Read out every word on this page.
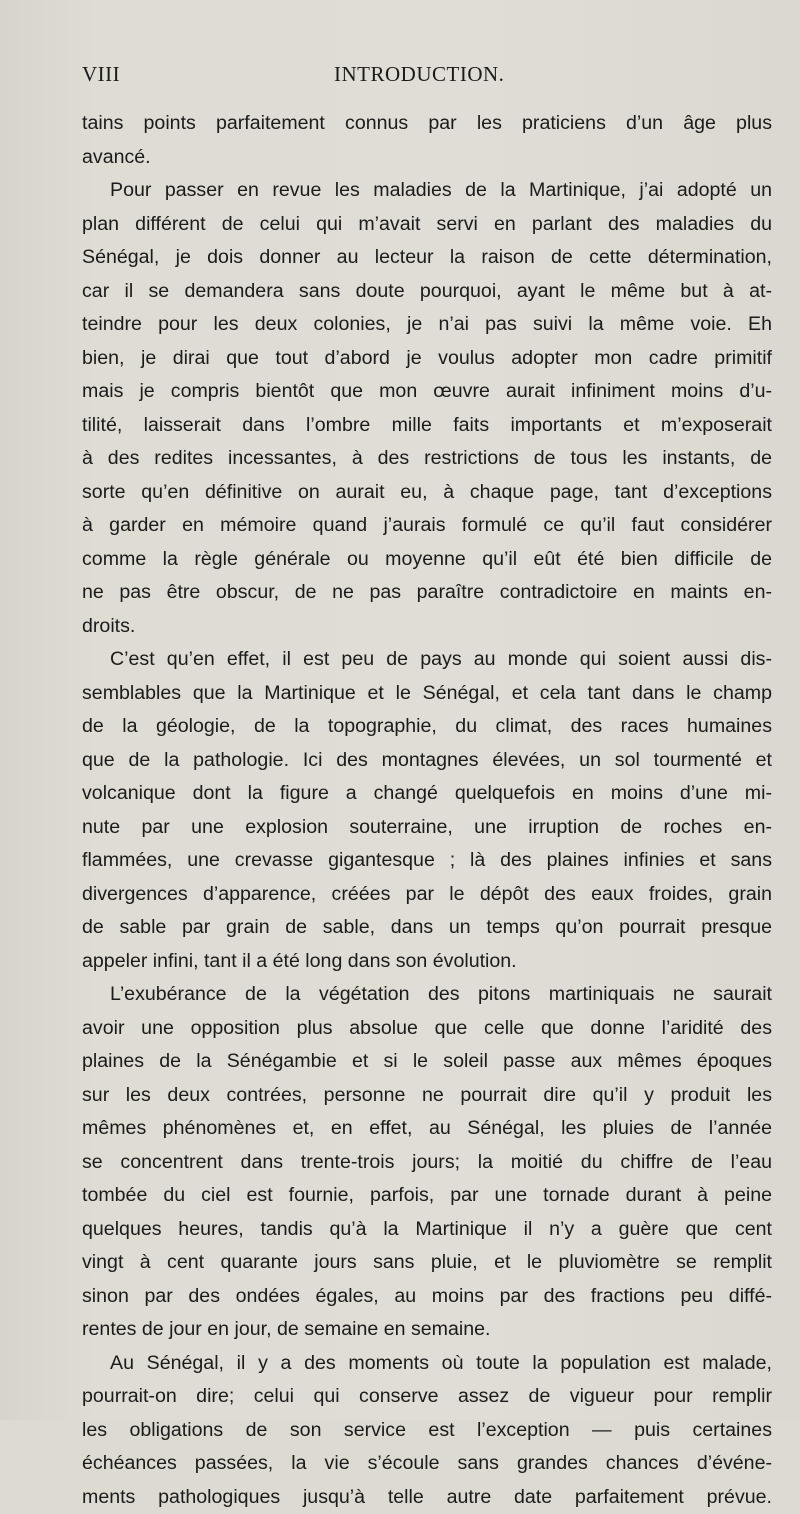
VIII	INTRODUCTION.
tains points parfaitement connus par les praticiens d’un âge plus
avancé.
Pour passer en revue les maladies de la Martinique, j’ai adopté un
plan différent de celui qui m’avait servi en parlant des maladies du
Sénégal, je dois donner au lecteur la raison de cette détermination,
car il se demandera sans doute pourquoi, ayant le même but à at-
teindre pour les deux colonies, je n’ai pas suivi la même voie. Eh
bien, je dirai que tout d’abord je voulus adopter mon cadre primitif
mais je compris bientôt que mon œuvre aurait infiniment moins d’u-
tilité, laisserait dans l’ombre mille faits importants et m’exposerait
à des redites incessantes, à des restrictions de tous les instants, de
sorte qu’en définitive on aurait eu, à chaque page, tant d’exceptions
à garder en mémoire quand j’aurais formulé ce qu’il faut considérer
comme la règle générale ou moyenne qu’il eût été bien difficile de
ne pas être obscur, de ne pas paraître contradictoire en maints en-
droits.
C’est qu’en effet, il est peu de pays au monde qui soient aussi dis-
semblables que la Martinique et le Sénégal, et cela tant dans le champ
de la géologie, de la topographie, du climat, des races humaines
que de la pathologie. Ici des montagnes élevées, un sol tourmenté et
volcanique dont la figure a changé quelquefois en moins d’une mi-
nute par une explosion souterraine, une irruption de roches en-
flammées, une crevasse gigantesque ; là des plaines infinies et sans
divergences d’apparence, créées par le dépôt des eaux froides, grain
de sable par grain de sable, dans un temps qu’on pourrait presque
appeler infini, tant il a été long dans son évolution.
L’exubérance de la végétation des pitons martiniquais ne saurait
avoir une opposition plus absolue que celle que donne l’aridité des
plaines de la Sénégambie et si le soleil passe aux mêmes époques
sur les deux contrées, personne ne pourrait dire qu’il y produit les
mêmes phénomènes et, en effet, au Sénégal, les pluies de l’année
se concentrent dans trente-trois jours; la moitié du chiffre de l’eau
tombée du ciel est fournie, parfois, par une tornade durant à peine
quelques heures, tandis qu’à la Martinique il n’y a guère que cent
vingt à cent quarante jours sans pluie, et le pluviomètre se remplit
sinon par des ondées égales, au moins par des fractions peu diffé-
rentes de jour en jour, de semaine en semaine.
Au Sénégal, il y a des moments où toute la population est malade,
pourrait-on dire; celui qui conserve assez de vigueur pour remplir
les obligations de son service est l’exception — puis certaines
échéances passées, la vie s’écoule sans grandes chances d’événe-
ments pathologiques jusqu’à telle autre date parfaitement prévue.
